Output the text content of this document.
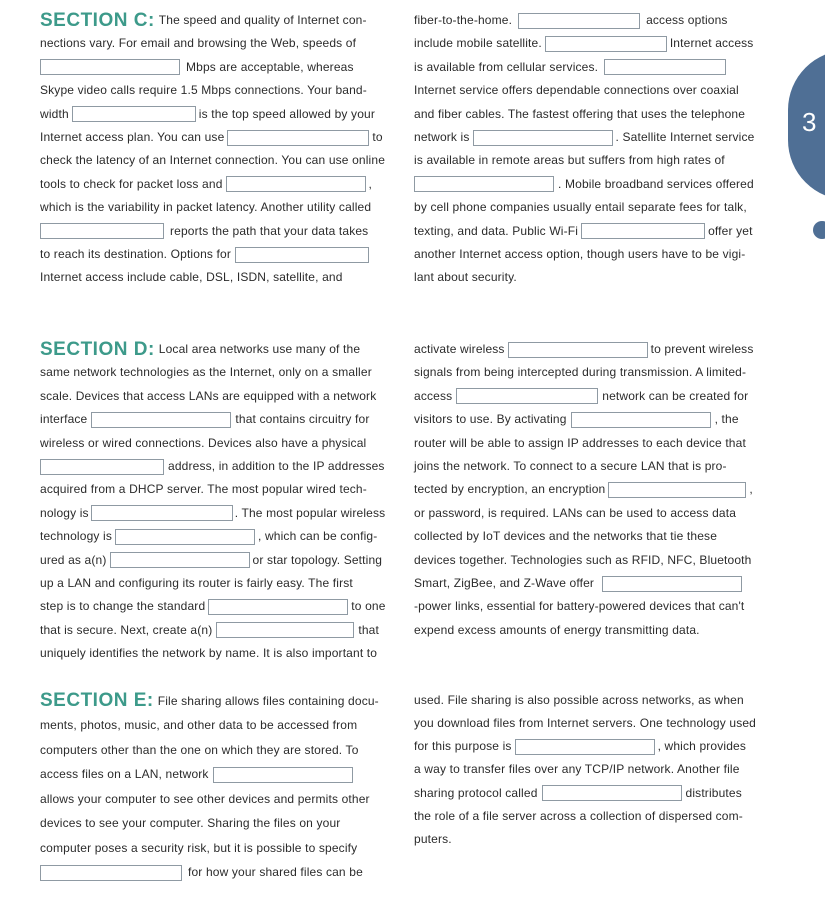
3
SECTION C: The speed and quality of Internet con-
nections vary. For email and browsing the Web, speeds of
Mbps are acceptable, whereas
Skype video calls require 1.5 Mbps connections. Your band-
width	is the top speed allowed by your
Internet access plan. You can use	to
check the latency of an Internet connection. You can use online
tools to check for packet loss and	,
which is the variability in packet latency. Another utility called
reports the path that your data takes
to reach its destination. Options for
Internet access include cable, DSL, ISDN, satellite, and
fiber-to-the-home.	access options
include mobile satellite.	Internet access
is available from cellular services.
Internet service offers dependable connections over coaxial
and fiber cables. The fastest offering that uses the telephone
network is	. Satellite Internet service
is available in remote areas but suffers from high rates of
. Mobile broadband services offered
by cell phone companies usually entail separate fees for talk,
texting, and data. Public Wi-Fi	offer yet
another Internet access option, though users have to be vigi-
lant about security.
SECTION D: Local area networks use many of the
same network technologies as the Internet, only on a smaller
scale. Devices that access LANs are equipped with a network
interface	that contains circuitry for
wireless or wired connections. Devices also have a physical
address, in addition to the IP addresses
acquired from a DHCP server. The most popular wired tech-
nology is	. The most popular wireless
technology is	, which can be config-
ured as a(n)	or star topology. Setting
up a LAN and configuring its router is fairly easy. The first
step is to change the standard	to one
that is secure. Next, create a(n)	that
uniquely identifies the network by name. It is also important to
activate wireless	to prevent wireless
signals from being intercepted during transmission. A limited-
access	network can be created for
visitors to use. By activating	, the
router will be able to assign IP addresses to each device that
joins the network. To connect to a secure LAN that is pro-
tected by encryption, an encryption	,
or password, is required. LANs can be used to access data
collected by IoT devices and the networks that tie these
devices together. Technologies such as RFID, NFC, Bluetooth
Smart, ZigBee, and Z-Wave offer
-power links, essential for battery-powered devices that can't
expend excess amounts of energy transmitting data.
SECTION E: File sharing allows files containing docu-
ments, photos, music, and other data to be accessed from
computers other than the one on which they are stored. To
access files on a LAN, network
allows your computer to see other devices and permits other
devices to see your computer. Sharing the files on your
computer poses a security risk, but it is possible to specify
for how your shared files can be
used. File sharing is also possible across networks, as when
you download files from Internet servers. One technology used
for this purpose is	, which provides
a way to transfer files over any TCP/IP network. Another file
sharing protocol called	distributes
the role of a file server across a collection of dispersed com-
puters.
